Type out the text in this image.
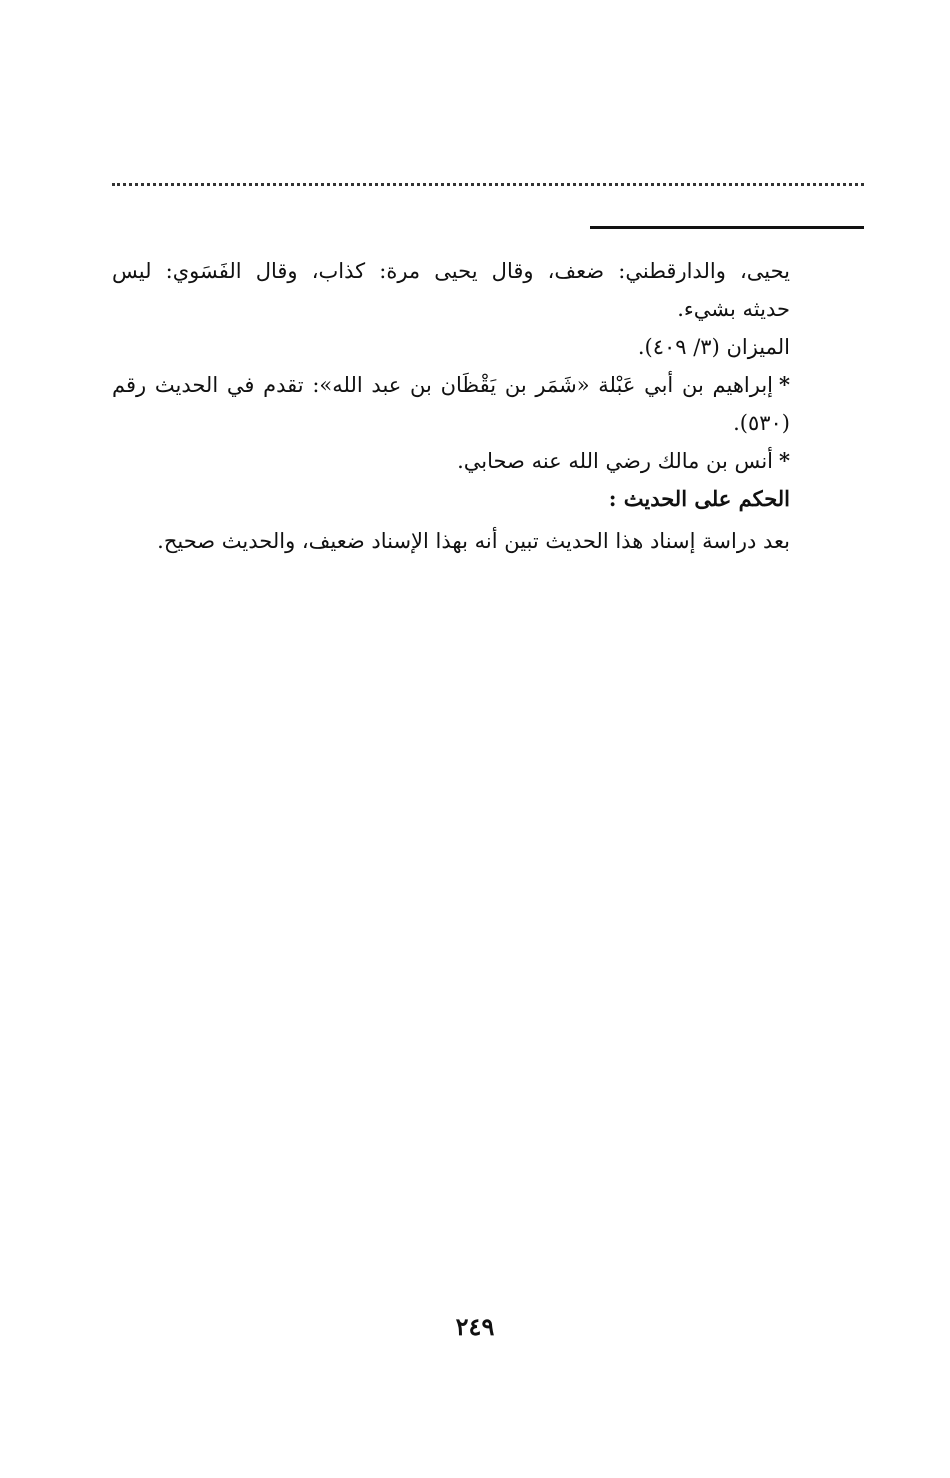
يحيى، والدارقطني: ضعف، وقال يحيى مرة: كذاب، وقال الفَسَوي: ليس

حديثه بشيء.

الميزان (٣/ ٤٠٩).

*إبراهيم بن أبي عَبْلة «شَمَر بن يَقْظَان بن عبد الله»: تقدم في الحديث رقم

(٥٣٠).

*أنس بن مالك رضي الله عنه صحابي.

الحكم على الحديث :

بعد دراسة إسناد هذا الحديث تبين أنه بهذا الإسناد ضعيف، والحديث صحيح.

٢٤٩
